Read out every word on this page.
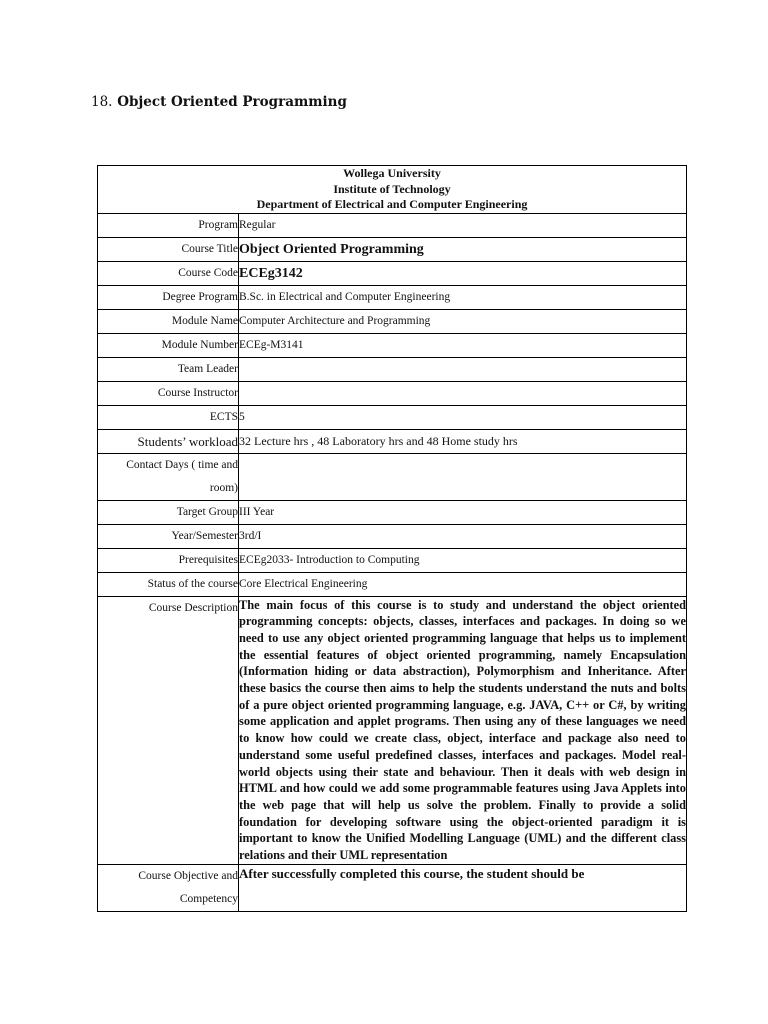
18. Object Oriented Programming
Wollega University
Institute of Technology
Department of Electrical and Computer Engineering	

Program	Regular
Course Title	Object Oriented Programming
Course Code	ECEg3142
Degree Program	B.Sc. in Electrical and Computer Engineering
Module Name	Computer Architecture and Programming
Module Number	ECEg-M3141
Team Leader	
Course Instructor	
ECTS	5
Students’ workload	32 Lecture hrs , 48 Laboratory hrs and 48 Home study hrs

Contact Days ( time and
room)	

Target Group	III Year
Year/Semester	3rd/I
Prerequisites	ECEg2033- Introduction to Computing
Status of the course	Core Electrical Engineering
Course Description	The main focus of this course is to study and understand the object oriented programming concepts: objects, classes, interfaces and packages. In doing so we need to use any object oriented programming language that helps us to implement the essential features of object oriented programming, namely Encapsulation (Information hiding or data abstraction), Polymorphism and Inheritance. After these basics the course then aims to help the students understand the nuts and bolts of a pure object oriented programming language, e.g. JAVA, C++ or C#, by writing some application and applet programs. Then using any of these languages we need to know how could we create class, object, interface and package also need to understand some useful predefined classes, interfaces and packages. Model real-world objects using their state and behaviour. Then it deals with web design in HTML and how could we add some programmable features using Java Applets into the web page that will help us solve the problem. Finally to provide a solid foundation for developing software using the object-oriented paradigm it is important to know the Unified Modelling Language (UML) and the different class relations and their UML representation

Course Objective and
Competency	After successfully completed this course, the student should be
